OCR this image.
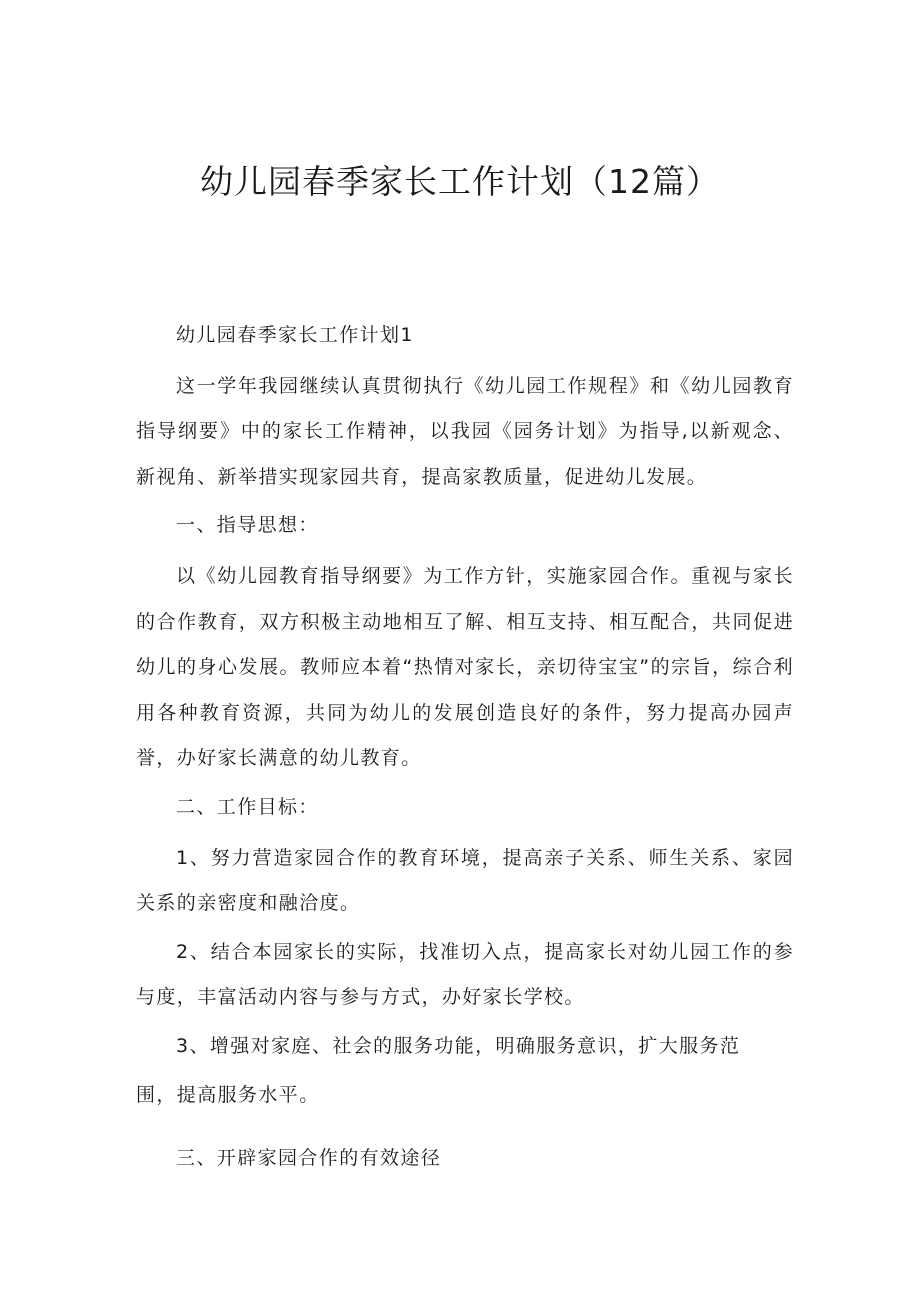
幼儿园春季家长工作计划（12篇）

幼儿园春季家长工作计划1

这一学年我园继续认真贯彻执行《幼儿园工作规程》和《幼儿园教育指导纲要》中的家长工作精神，以我园《园务计划》为指导,以新观念、新视角、新举措实现家园共育，提高家教质量，促进幼儿发展。

一、指导思想：

以《幼儿园教育指导纲要》为工作方针，实施家园合作。重视与家长的合作教育，双方积极主动地相互了解、相互支持、相互配合，共同促进幼儿的身心发展。教师应本着“热情对家长，亲切待宝宝”的宗旨，综合利用各种教育资源，共同为幼儿的发展创造良好的条件，努力提高办园声誉，办好家长满意的幼儿教育。

二、工作目标：

1、努力营造家园合作的教育环境，提高亲子关系、师生关系、家园关系的亲密度和融洽度。

2、结合本园家长的实际，找准切入点，提高家长对幼儿园工作的参与度，丰富活动内容与参与方式，办好家长学校。

3、增强对家庭、社会的服务功能，明确服务意识，扩大服务范

围，提高服务水平。

三、开辟家园合作的有效途径
